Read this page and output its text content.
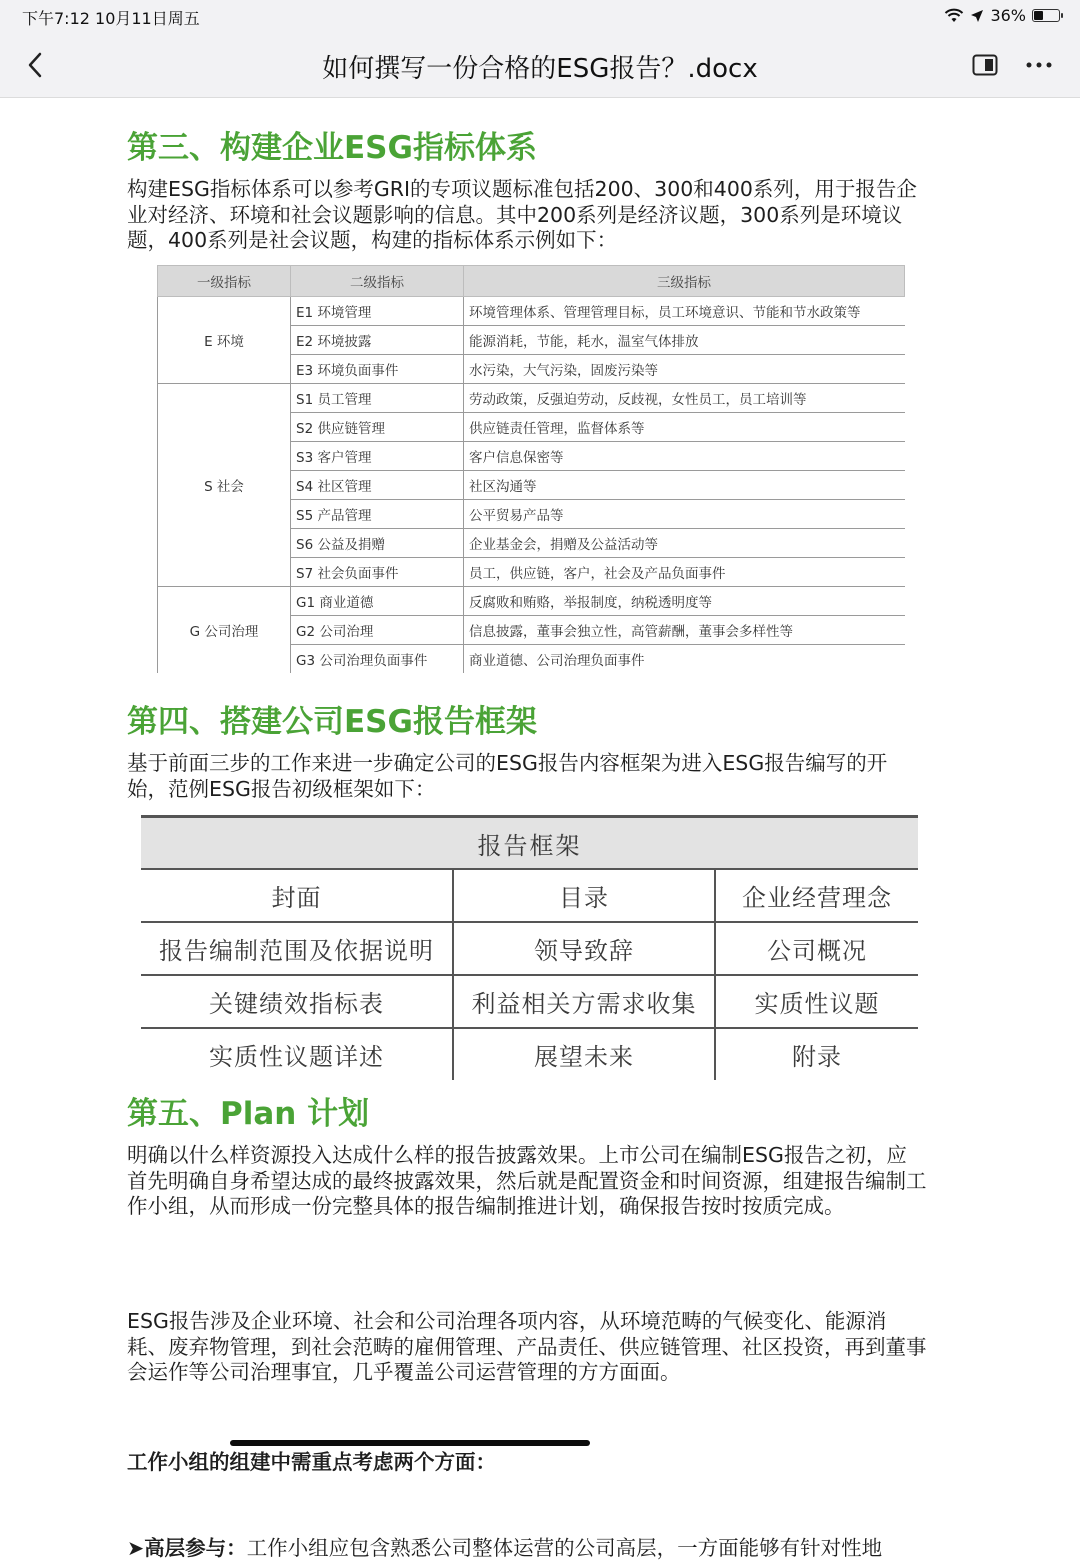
下午7:12 10月11日周五	36%
如何撰写一份合格的ESG报告？.docx
第三、构建企业ESG指标体系

构建ESG指标体系可以参考GRI的专项议题标准包括200、300和400系列，用于报告企业对经济、环境和社会议题影响的信息。其中200系列是经济议题，300系列是环境议题，400系列是社会议题，构建的指标体系示例如下：

一级指标	二级指标	三级指标
E 环境	E1 环境管理	环境管理体系、管理管理目标，员工环境意识、节能和节水政策等
	E2 环境披露	能源消耗，节能，耗水，温室气体排放
	E3 环境负面事件	水污染，大气污染，固废污染等
S 社会	S1 员工管理	劳动政策，反强迫劳动，反歧视，女性员工，员工培训等
	S2 供应链管理	供应链责任管理，监督体系等
	S3 客户管理	客户信息保密等
	S4 社区管理	社区沟通等
	S5 产品管理	公平贸易产品等
	S6 公益及捐赠	企业基金会，捐赠及公益活动等
	S7 社会负面事件	员工，供应链，客户，社会及产品负面事件
G 公司治理	G1 商业道德	反腐败和贿赂，举报制度，纳税透明度等
	G2 公司治理	信息披露，董事会独立性，高管薪酬，董事会多样性等
	G3 公司治理负面事件	商业道德、公司治理负面事件
第四、搭建公司ESG报告框架

基于前面三步的工作来进一步确定公司的ESG报告内容框架为进入ESG报告编写的开始，范例ESG报告初级框架如下：

报告框架		
封面	目录	企业经营理念
报告编制范围及依据说明	领导致辞	公司概况
关键绩效指标表	利益相关方需求收集	实质性议题
实质性议题详述	展望未来	附录
第五、Plan 计划

明确以什么样资源投入达成什么样的报告披露效果。上市公司在编制ESG报告之初，应首先明确自身希望达成的最终披露效果，然后就是配置资金和时间资源，组建报告编制工作小组，从而形成一份完整具体的报告编制推进计划，确保报告按时按质完成。

ESG报告涉及企业环境、社会和公司治理各项内容，从环境范畴的气候变化、能源消耗、废弃物管理，到社会范畴的雇佣管理、产品责任、供应链管理、社区投资，再到董事会运作等公司治理事宜，几乎覆盖公司运营管理的方方面面。

工作小组的组建中需重点考虑两个方面：

➤高层参与：工作小组应包含熟悉公司整体运营的公司高层，一方面能够有针对性地
